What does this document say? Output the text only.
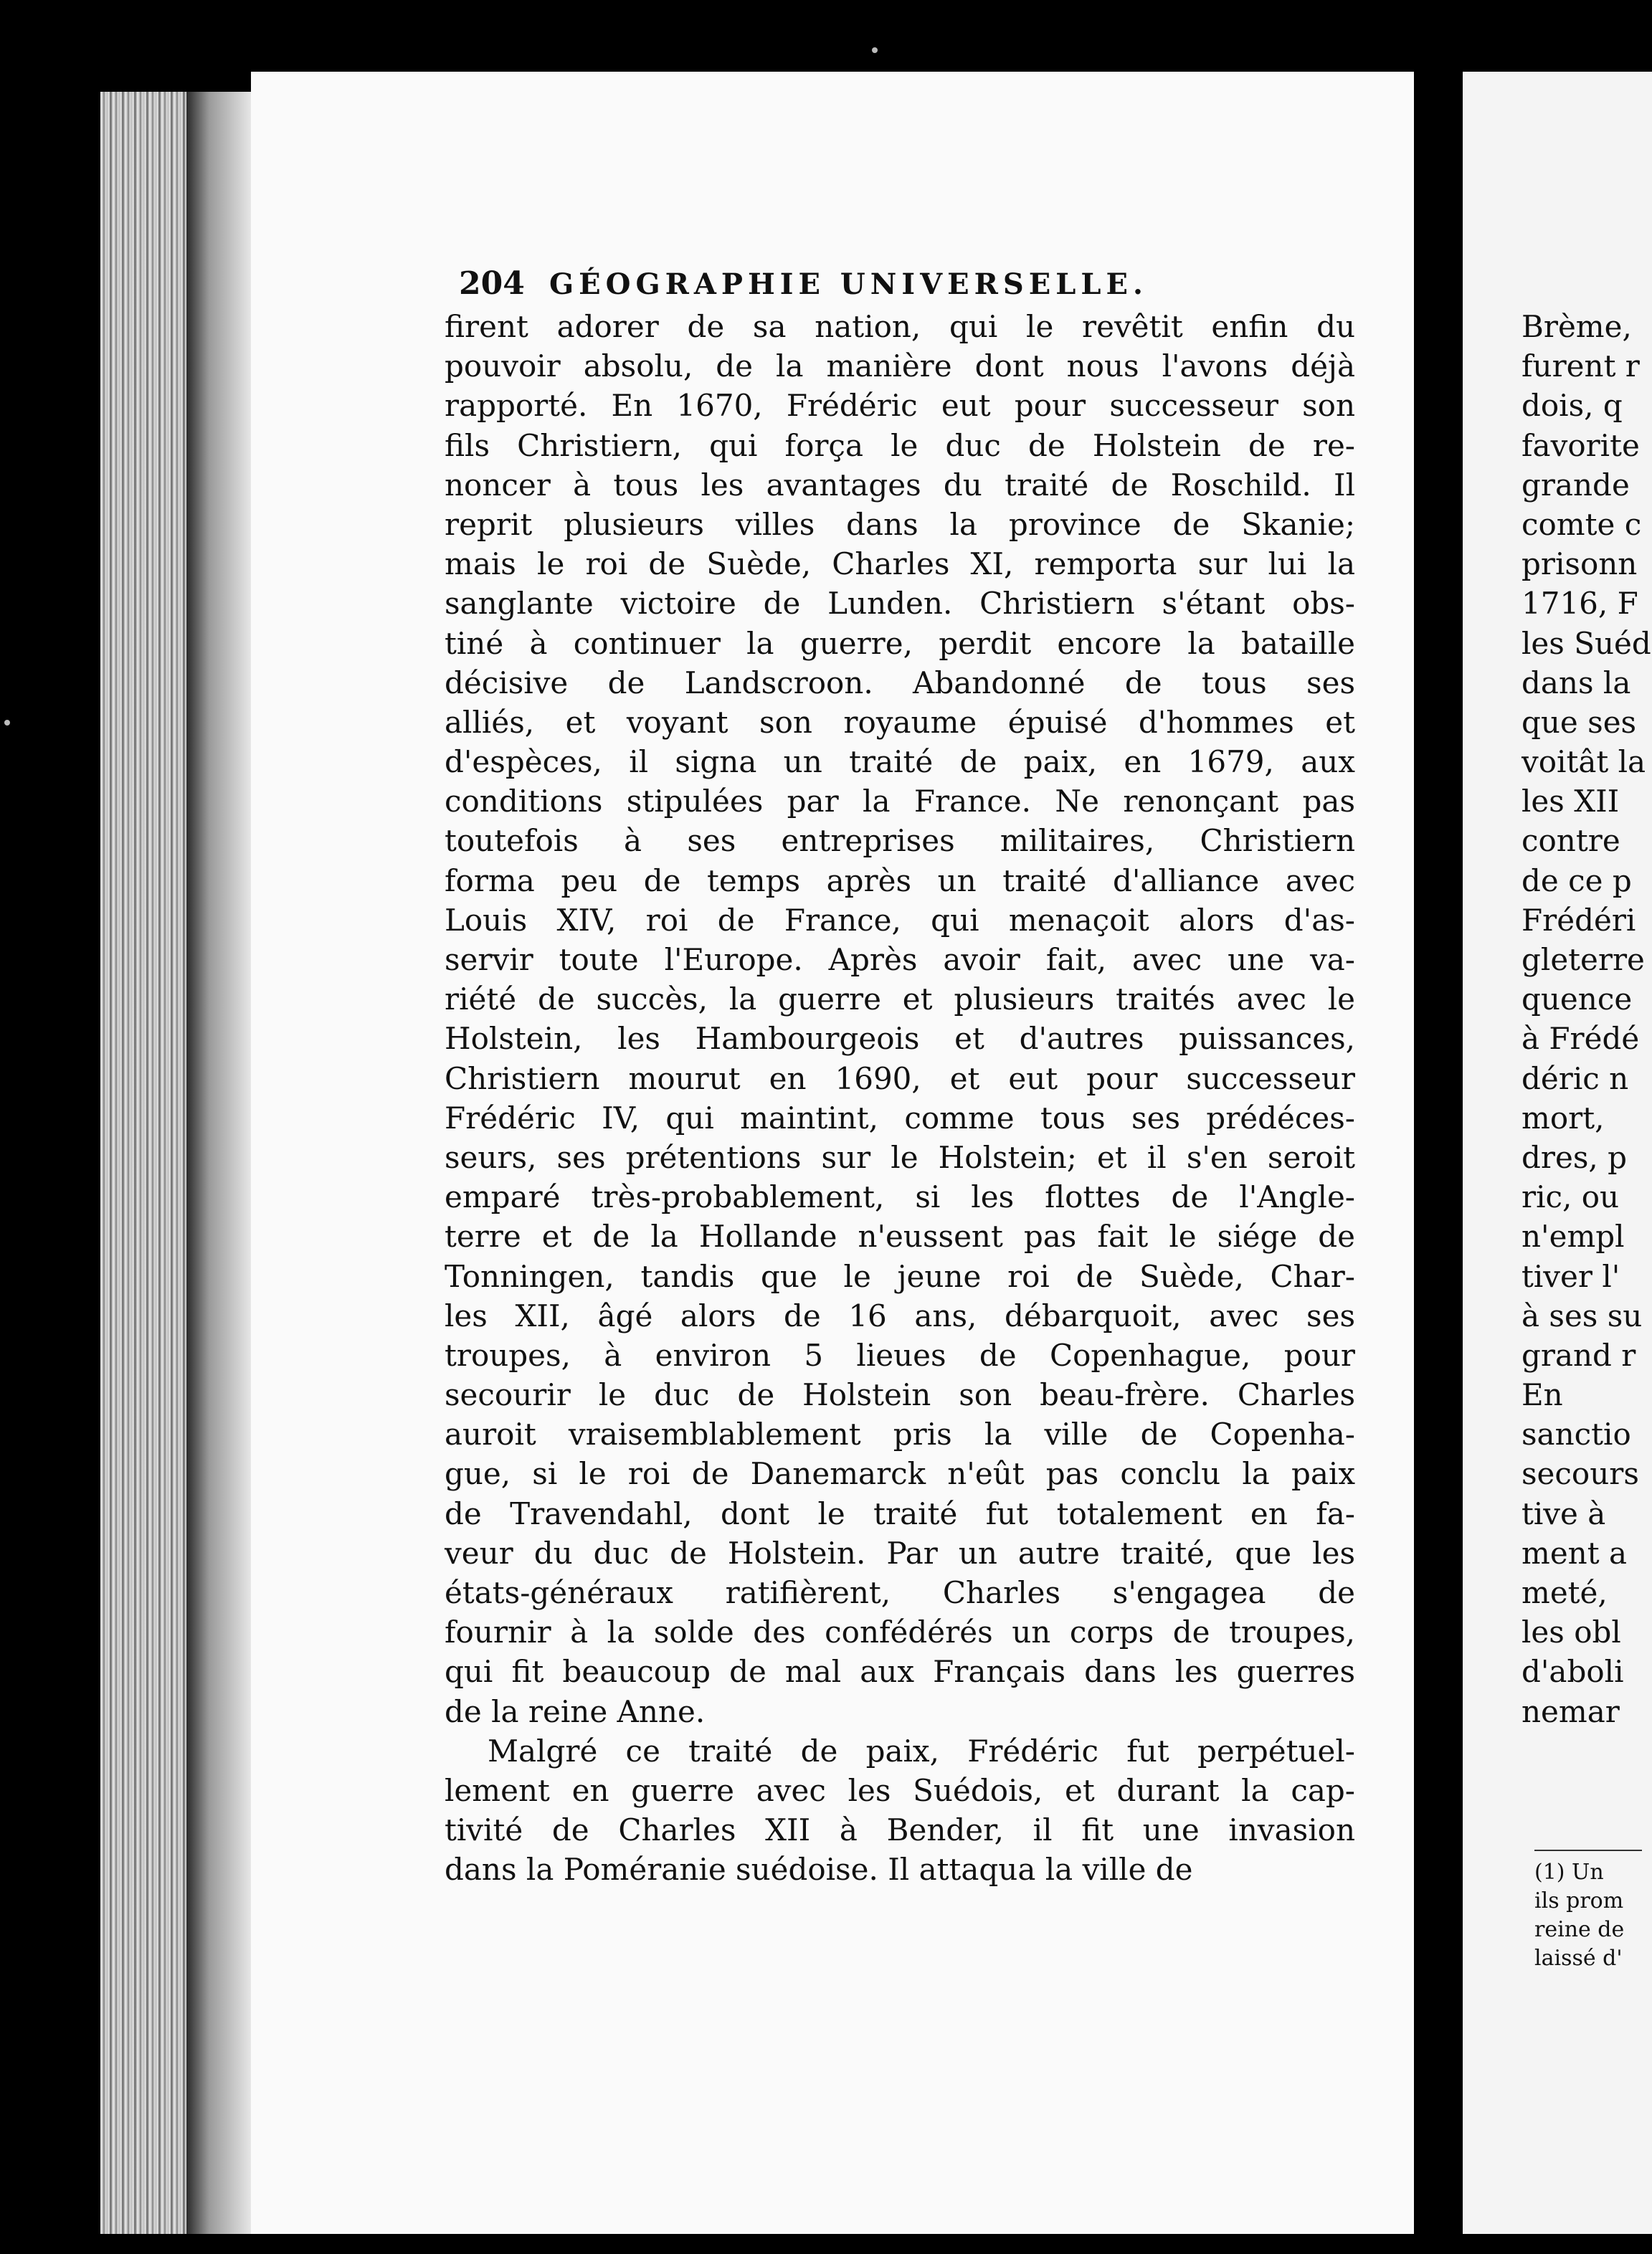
204 GÉOGRAPHIE UNIVERSELLE.
firent adorer de sa nation, qui le revêtit enfin du
pouvoir absolu, de la manière dont nous l'avons déjà
rapporté. En 1670, Frédéric eut pour successeur son
fils Christiern, qui força le duc de Holstein de re-
noncer à tous les avantages du traité de Roschild. Il
reprit plusieurs villes dans la province de Skanie;
mais le roi de Suède, Charles XI, remporta sur lui la
sanglante victoire de Lunden. Christiern s'étant obs-
tiné à continuer la guerre, perdit encore la bataille
décisive de Landscroon. Abandonné de tous ses
alliés, et voyant son royaume épuisé d'hommes et
d'espèces, il signa un traité de paix, en 1679, aux
conditions stipulées par la France. Ne renonçant pas
toutefois à ses entreprises militaires, Christiern
forma peu de temps après un traité d'alliance avec
Louis XIV, roi de France, qui menaçoit alors d'as-
servir toute l'Europe. Après avoir fait, avec une va-
riété de succès, la guerre et plusieurs traités avec le
Holstein, les Hambourgeois et d'autres puissances,
Christiern mourut en 1690, et eut pour successeur
Frédéric IV, qui maintint, comme tous ses prédéces-
seurs, ses prétentions sur le Holstein; et il s'en seroit
emparé très-probablement, si les flottes de l'Angle-
terre et de la Hollande n'eussent pas fait le siége de
Tonningen, tandis que le jeune roi de Suède, Char-
les XII, âgé alors de 16 ans, débarquoit, avec ses
troupes, à environ 5 lieues de Copenhague, pour
secourir le duc de Holstein son beau-frère. Charles
auroit vraisemblablement pris la ville de Copenha-
gue, si le roi de Danemarck n'eût pas conclu la paix
de Travendahl, dont le traité fut totalement en fa-
veur du duc de Holstein. Par un autre traité, que les
états-généraux ratifièrent, Charles s'engagea de
fournir à la solde des confédérés un corps de troupes,
qui fit beaucoup de mal aux Français dans les guerres
de la reine Anne.
Malgré ce traité de paix, Frédéric fut perpétuel-
lement en guerre avec les Suédois, et durant la cap-
tivité de Charles XII à Bender, il fit une invasion
dans la Poméranie suédoise. Il attaqua la ville de
Brème,
furent r
dois, q
favorite
grande
comte c
prisonn
1716, F
les Suéd
dans la
que ses
voitât la
les XII
contre
de ce p
Frédéri
gleterre
quence
à Frédé
déric n
mort,
dres, p
ric, ou
n'empl
tiver l'
à ses su
grand r
En
sanctio
secours
tive à
ment a
meté,
les obl
d'aboli
nemar
(1) Un
ils prom
reine de
laissé d'
